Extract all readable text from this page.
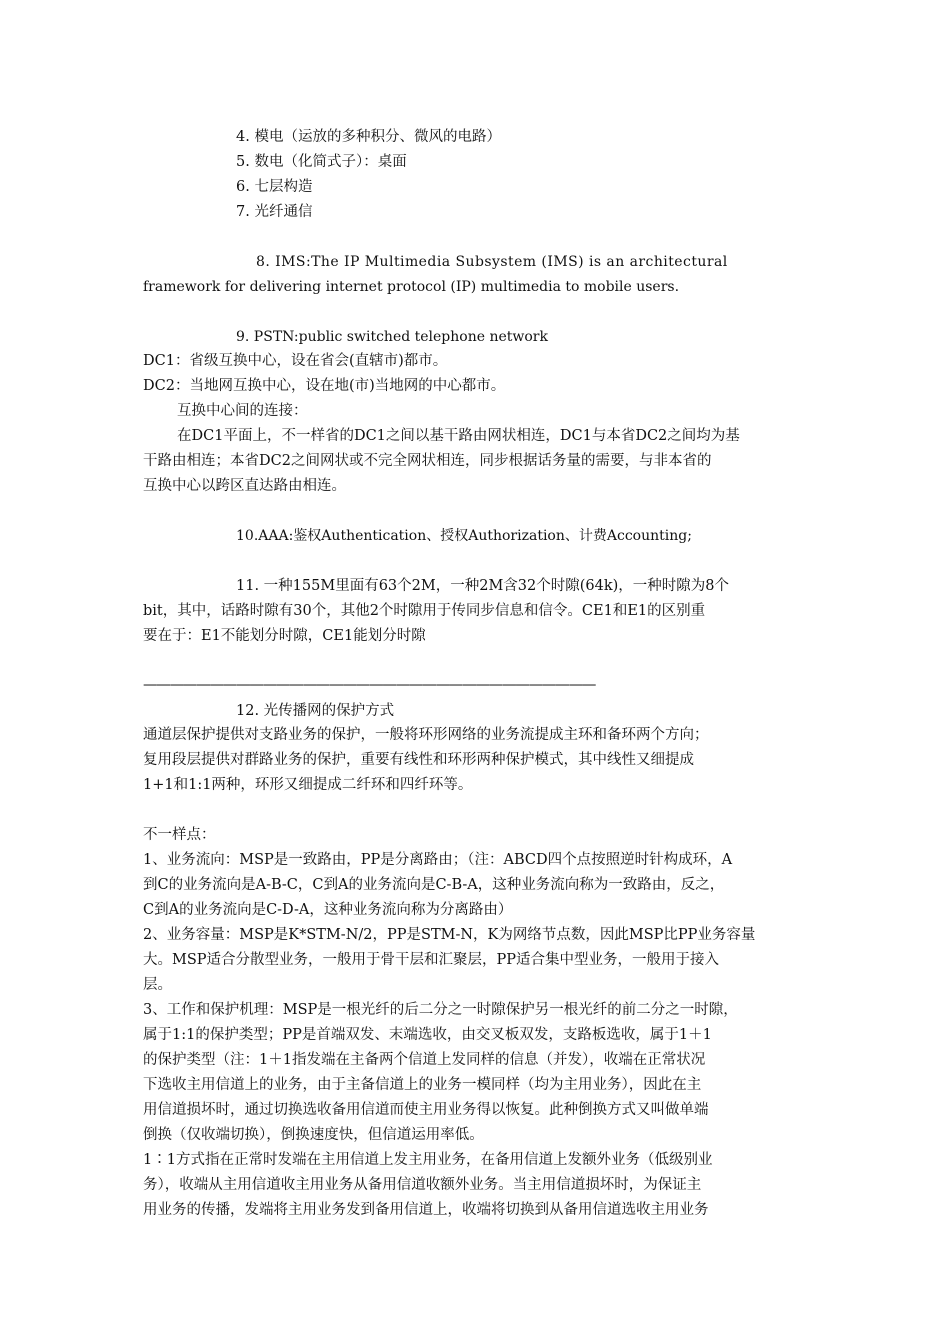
4. 模电（运放的多种积分、微风的电路）
5. 数电（化简式子）：桌面
6. 七层构造
7. 光纤通信
8. IMS:The IP Multimedia Subsystem (IMS) is an architectural
framework for delivering internet protocol (IP) multimedia to mobile users.
9. PSTN:public switched telephone network
DC1：省级互换中心，设在省会(直辖市)都市。
DC2：当地网互换中心，设在地(市)当地网的中心都市。
互换中心间的连接：
在DC1平面上，不一样省的DC1之间以基干路由网状相连，DC1与本省DC2之间均为基
干路由相连；本省DC2之间网状或不完全网状相连，同步根据话务量的需要，与非本省的
互换中心以跨区直达路由相连。
10.AAA:鉴权Authentication、授权Authorization、计费Accounting;
11. 一种155M里面有63个2M，一种2M含32个时隙(64k)，一种时隙为8个
bit，其中，话路时隙有30个，其他2个时隙用于传同步信息和信令。CE1和E1的区别重
要在于：E1不能划分时隙，CE1能划分时隙
——————————————————————————————————
12. 光传播网的保护方式
通道层保护提供对支路业务的保护，一般将环形网络的业务流提成主环和备环两个方向；
复用段层提供对群路业务的保护，重要有线性和环形两种保护模式，其中线性又细提成
1+1和1:1两种，环形又细提成二纤环和四纤环等。
不一样点：
1、业务流向：MSP是一致路由，PP是分离路由；（注：ABCD四个点按照逆时针构成环，A
到C的业务流向是A-B-C，C到A的业务流向是C-B-A，这种业务流向称为一致路由，反之，
C到A的业务流向是C-D-A，这种业务流向称为分离路由）
2、业务容量：MSP是K*STM-N/2，PP是STM-N，K为网络节点数，因此MSP比PP业务容量
大。MSP适合分散型业务，一般用于骨干层和汇聚层，PP适合集中型业务，一般用于接入
层。
3、工作和保护机理：MSP是一根光纤的后二分之一时隙保护另一根光纤的前二分之一时隙，
属于1:1的保护类型；PP是首端双发、末端选收，由交叉板双发，支路板选收，属于1＋1
的保护类型（注：1＋1指发端在主备两个信道上发同样的信息（并发），收端在正常状况
下选收主用信道上的业务，由于主备信道上的业务一模同样（均为主用业务），因此在主
用信道损坏时，通过切换选收备用信道而使主用业务得以恢复。此种倒换方式又叫做单端
倒换（仅收端切换），倒换速度快，但信道运用率低。
1∶1方式指在正常时发端在主用信道上发主用业务，在备用信道上发额外业务（低级别业
务），收端从主用信道收主用业务从备用信道收额外业务。当主用信道损坏时，为保证主
用业务的传播，发端将主用业务发到备用信道上，收端将切换到从备用信道选收主用业务
